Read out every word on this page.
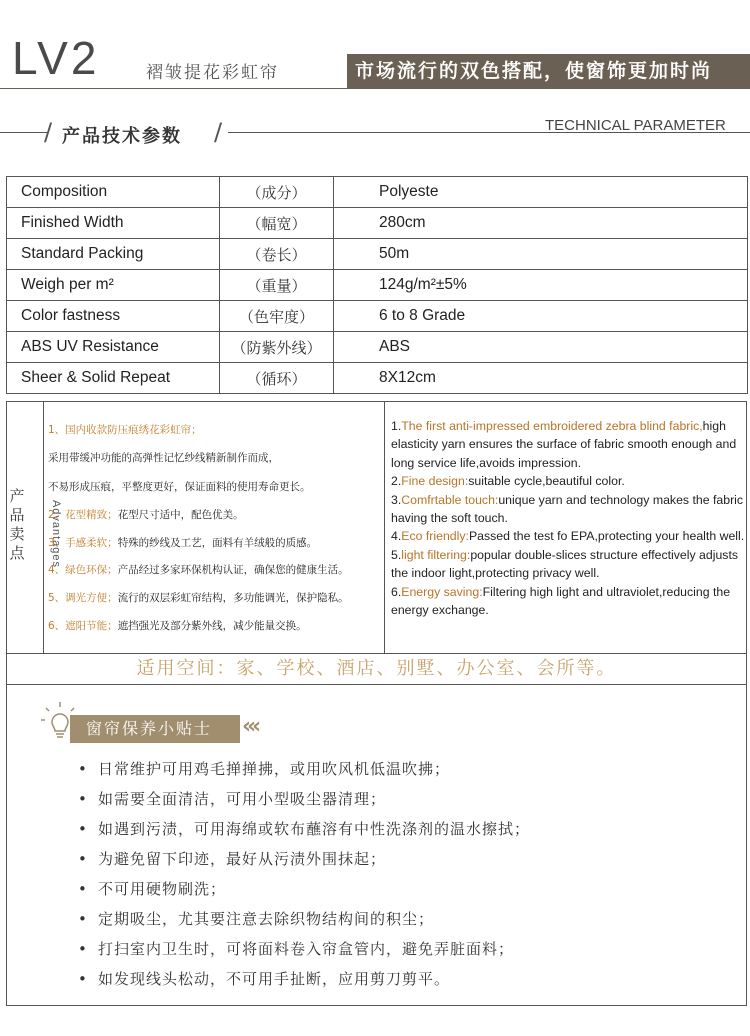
LV2	褶皱提花彩虹帘	市场流行的双色搭配，使窗饰更加时尚
/ 产品技术参数 /	TECHNICAL PARAMETER
Composition	（成分）	Polyeste
Finished Width	（幅宽）	280cm
Standard Packing	（卷长）	50m
Weigh per m²	（重量）	124g/m²±5%
Color fastness	（色牢度）	6 to 8 Grade
ABS UV Resistance	（防紫外线）	ABS
Sheer & Solid Repeat	（循环）	8X12cm
产品卖点 Advantages
1、国内收款防压痕绣花彩虹帘；
采用带缓冲功能的高弹性记忆纱线精新制作而成，
不易形成压痕，平整度更好，保证面料的使用寿命更长。
2、花型精致；花型尺寸适中，配色优美。
3、手感柔软；特殊的纱线及工艺，面料有羊绒般的质感。
4、绿色环保；产品经过多家环保机构认证，确保您的健康生活。
5、调光方便；流行的双层彩虹帘结构，多功能调光，保护隐私。
6、遮阳节能；遮挡强光及部分紫外线，减少能量交换。

1.The first anti-impressed embroidered zebra blind fabric,high elasticity yarn ensures the surface of fabric smooth enough and long service life,avoids impression.

2.Fine design:suitable cycle,beautiful color.

3.Comfrtable touch:unique yarn and technology makes the fabric having the soft touch.

4.Eco friendly:Passed the test fo EPA,protecting your health well.

5.light filtering:popular double-slices structure effectively adjusts the indoor light,protecting privacy well.

6.Energy saving:Filtering high light and ultraviolet,reducing the energy exchange.

适用空间：家、学校、酒店、别墅、办公室、会所等。
窗帘保养小贴士	‹‹‹
• 日常维护可用鸡毛掸掸拂，或用吹风机低温吹拂；
• 如需要全面清洁，可用小型吸尘器清理；
• 如遇到污渍，可用海绵或软布蘸溶有中性洗涤剂的温水擦拭；
• 为避免留下印迹，最好从污渍外围抹起；
• 不可用硬物刷洗；
• 定期吸尘，尤其要注意去除织物结构间的积尘；
• 打扫室内卫生时，可将面料卷入帘盒管内，避免弄脏面料；
• 如发现线头松动，不可用手扯断，应用剪刀剪平。
